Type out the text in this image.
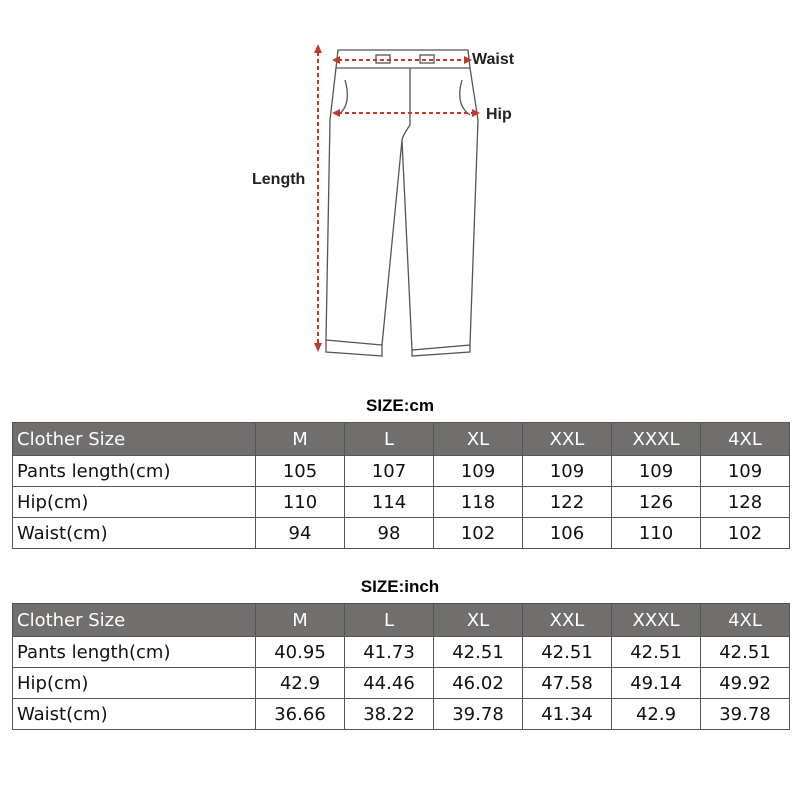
Waist
Hip
Length
SIZE:cm
Clother Size	M	L	XL	XXL	XXXL	4XL
Pants length(cm)	105	107	109	109	109	109
Hip(cm)	110	114	118	122	126	128
Waist(cm)	94	98	102	106	110	102
SIZE:inch
Clother Size	M	L	XL	XXL	XXXL	4XL
Pants length(cm)	40.95	41.73	42.51	42.51	42.51	42.51
Hip(cm)	42.9	44.46	46.02	47.58	49.14	49.92
Waist(cm)	36.66	38.22	39.78	41.34	42.9	39.78
